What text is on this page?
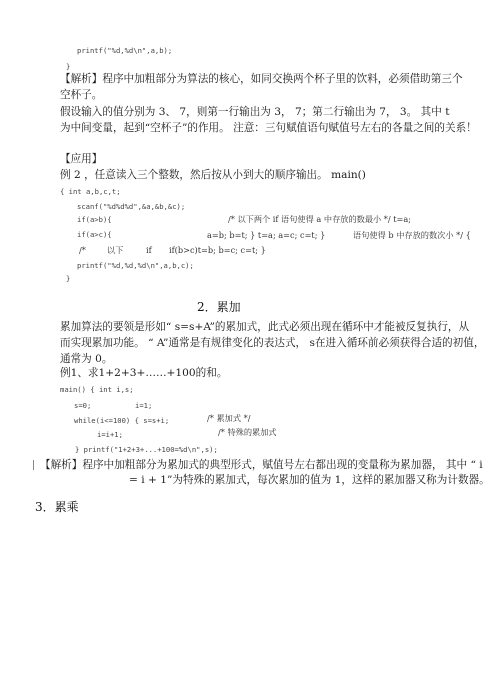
printf("%d,%d\n",a,b);
}
【解析】程序中加粗部分为算法的核心，如同交换两个杯子里的饮料，必须借助第三个
空杯子。
假设输入的值分别为 3、 7，则第一行输出为 3， 7；第二行输出为 7， 3。 其中 t
为中间变量，起到“空杯子”的作用。 注意：三句赋值语句赋值号左右的各量之间的关系！
【应用】
例 2 ，任意读入三个整数，然后按从小到大的顺序输出。 main()
{ int a,b,c,t;
scanf("%d%d%d",&a,&b,&c);
if(a>b){	/* 以下两个 if 语句使得 a 中存放的数最小 */ t=a;
if(a>c){	a=b; b=t; } t=a; a=c; c=t; }	语句使得 b 中存放的数次小 */ {
/*	以下	if if(b>c)t=b; b=c; c=t; }
printf("%d,%d,%d\n",a,b,c);
}
2．累加
累加算法的要领是形如“ s=s+A”的累加式，此式必须出现在循环中才能被反复执行，从
而实现累加功能。 “ A”通常是有规律变化的表达式， s在进入循环前必须获得合适的初值，
通常为 0。
例1、求1+2+3+……+100的和。
main() { int i,s;
s=0;	i=1;
while(i<=100) { s=s+i;	/* 累加式 */
i=i+1;	/* 特殊的累加式
} printf("1+2+3+...+100=%d\n",s);
【解析】程序中加粗部分为累加式的典型形式，赋值号左右都出现的变量称为累加器， 其中 “ i
= i + 1”为特殊的累加式，每次累加的值为 1，这样的累加器又称为计数器。
3．累乘
